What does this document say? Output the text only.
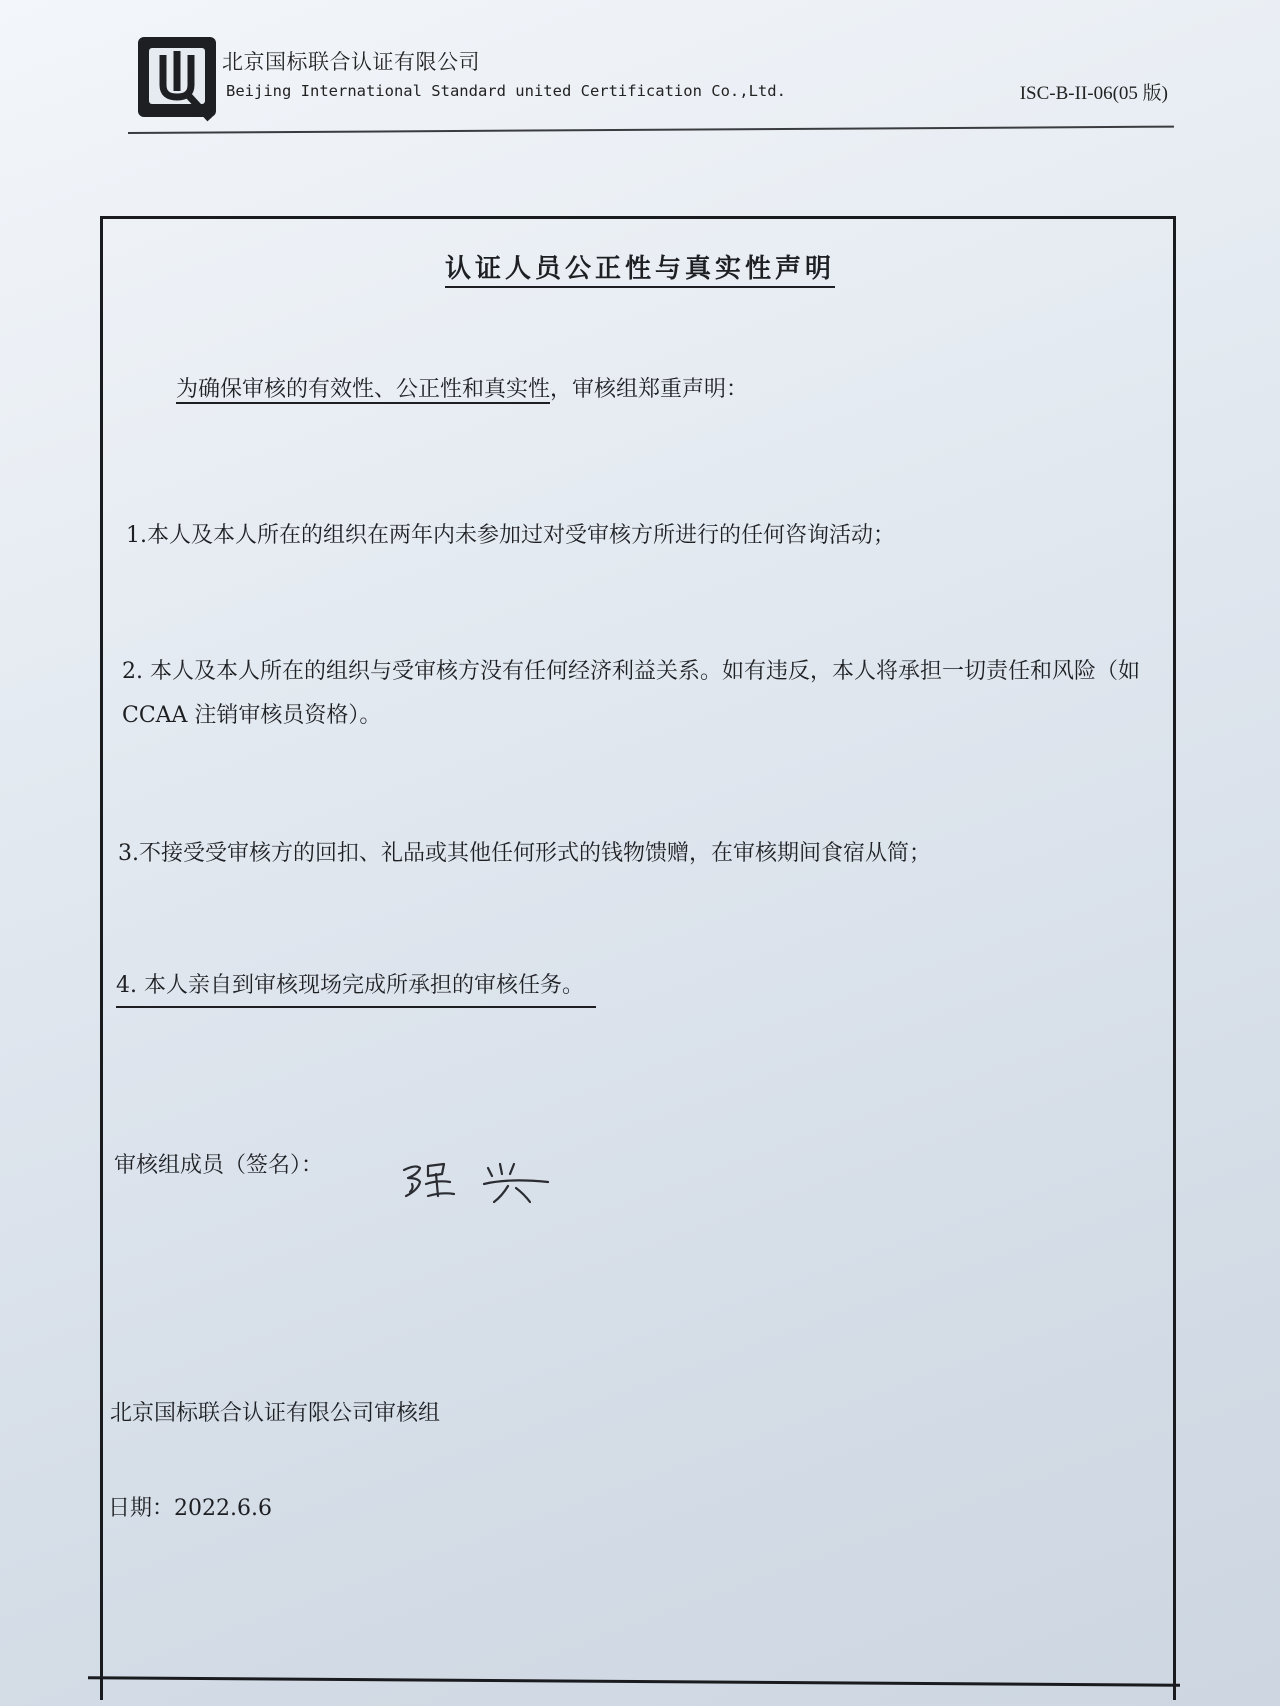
北京国标联合认证有限公司
Beijing International Standard united Certification Co.,Ltd.	ISC-B-II-06(05 版)
认证人员公正性与真实性声明
为确保审核的有效性、公正性和真实性，审核组郑重声明：
1.本人及本人所在的组织在两年内未参加过对受审核方所进行的任何咨询活动；
2. 本人及本人所在的组织与受审核方没有任何经济利益关系。如有违反，本人将承担一切责任和风险（如 CCAA 注销审核员资格）。
3.不接受受审核方的回扣、礼品或其他任何形式的钱物馈赠，在审核期间食宿从简；
4. 本人亲自到审核现场完成所承担的审核任务。
审核组成员（签名）：
北京国标联合认证有限公司审核组
日期：2022.6.6
